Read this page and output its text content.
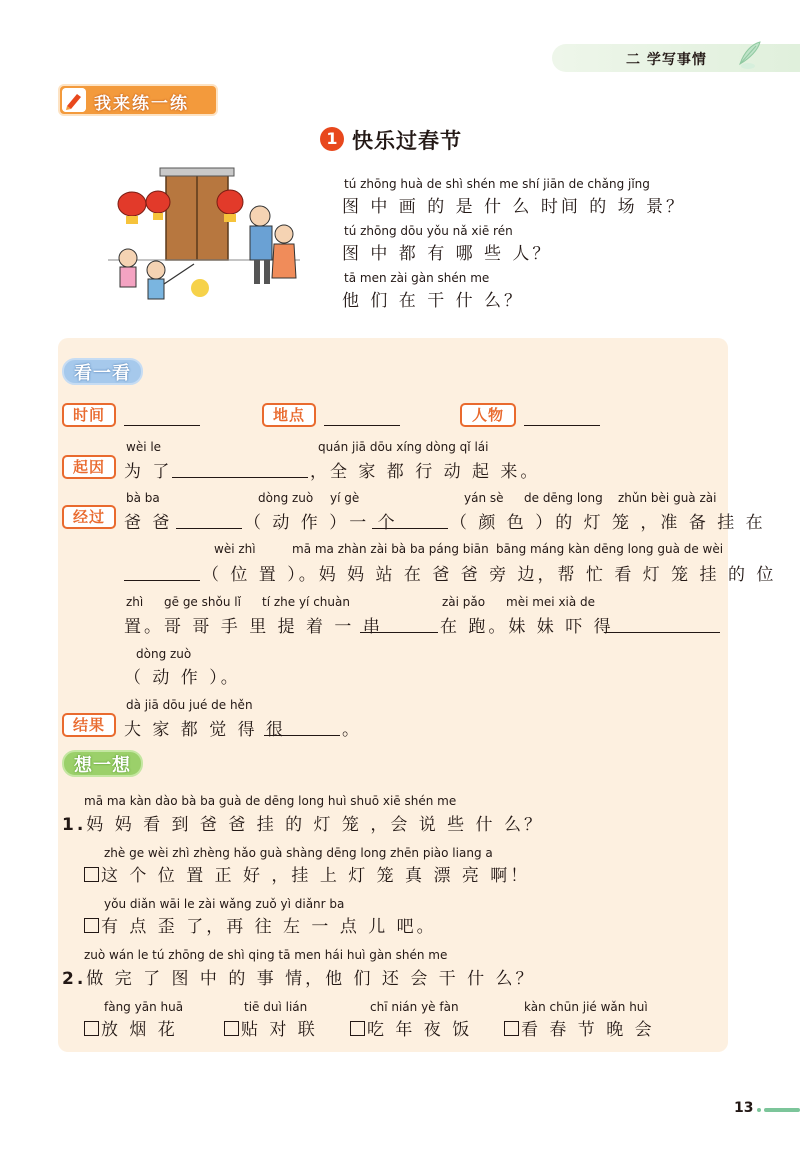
二 学写事情
我来练一练
1 快乐过春节
tú zhōng huà de shì shén me shí jiān de chǎng jǐng
图 中 画 的 是 什 么 时间 的 场 景？
tú zhōng dōu yǒu nǎ xiē rén
图 中 都 有 哪 些 人？
tā men zài gàn shén me
他 们 在 干 什 么？
看一看
时间	地点	人物
wèi le	quán jiā dōu xíng dòng qǐ lái
起因	为 了	，全 家 都 行 动 起 来。
bà ba	dòng zuò yí gè	yán sè de dēng long zhǔn bèi guà zài
经过	爸 爸	（ 动 作 ）一 个	（ 颜 色 ）的 灯 笼 ，准 备 挂 在
wèi zhì	mā ma zhàn zài bà ba páng biān bāng máng kàn dēng long guà de wèi
（ 位 置 ）。妈 妈 站 在 爸 爸 旁 边，帮 忙 看 灯 笼 挂 的 位
zhì gē ge shǒu lǐ tí zhe yí chuàn	zài pǎo mèi mei xià de
置。哥 哥 手 里 提 着 一 串	在 跑。妹 妹 吓 得
dòng zuò
（ 动 作 ）。
dà jiā dōu jué de hěn
结果	大 家 都 觉 得 很	。
想一想
mā ma kàn dào bà ba guà de dēng long huì shuō xiē shén me
1.妈 妈 看 到 爸 爸 挂 的 灯 笼 ，会 说 些 什 么？
zhè ge wèi zhì zhèng hǎo guà shàng dēng long zhēn piào liang a
这 个 位 置 正 好 ，挂 上 灯 笼 真 漂 亮 啊！
yǒu diǎn wāi le zài wǎng zuǒ yì diǎnr ba
有 点 歪 了，再 往 左 一 点 儿 吧。
zuò wán le tú zhōng de shì qing tā men hái huì gàn shén me
2.做 完 了 图 中 的 事 情，他 们 还 会 干 什 么？
fàng yān huā
放 烟 花
tiē duì lián
贴 对 联
chī nián yè fàn
吃 年 夜 饭
kàn chūn jié wǎn huì
看 春 节 晚 会
13
